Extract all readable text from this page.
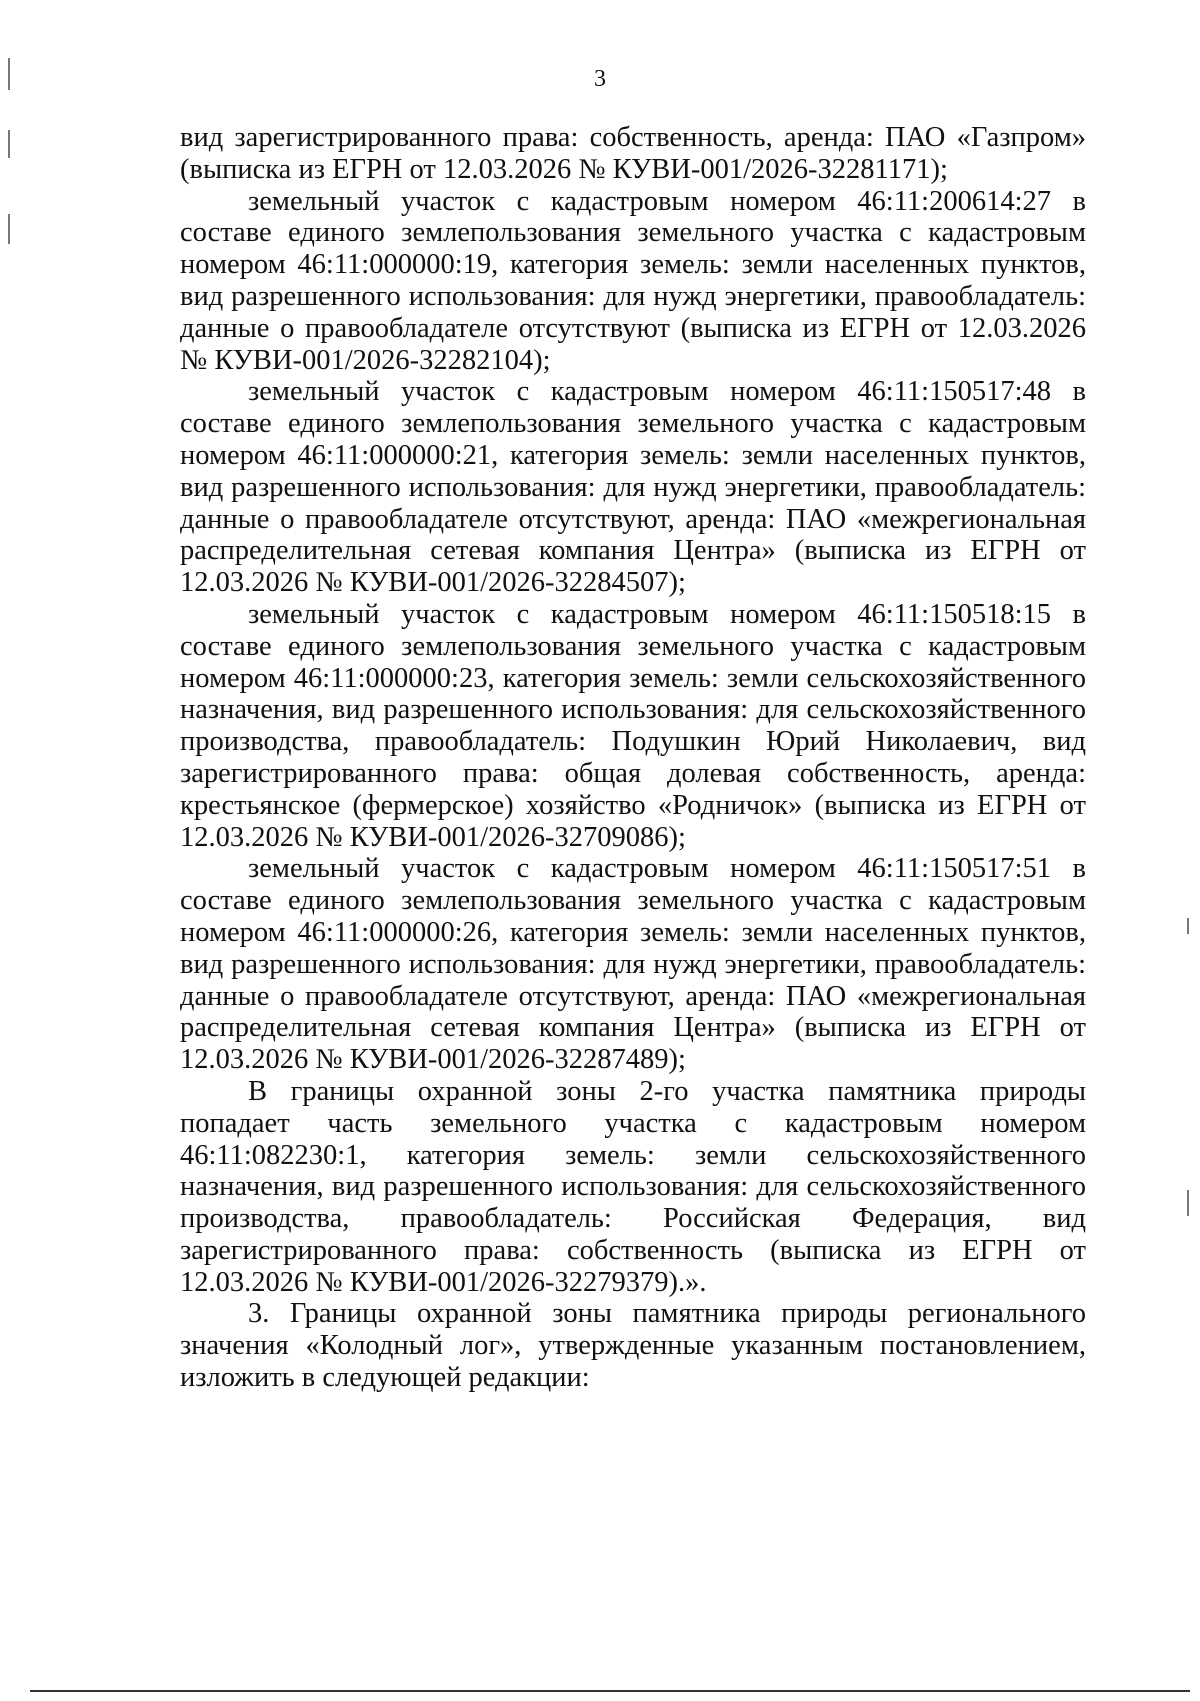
3

вид зарегистрированного права: собственность, аренда: ПАО «Газпром» (выписка из ЕГРН от 12.03.2026 № КУВИ-001/2026-32281171);

земельный участок с кадастровым номером 46:11:200614:27 в составе единого землепользования земельного участка с кадастровым номером 46:11:000000:19, категория земель: земли населенных пунктов, вид разрешенного использования: для нужд энергетики, правообладатель: данные о правообладателе отсутствуют (выписка из ЕГРН от 12.03.2026 № КУВИ-001/2026-32282104);

земельный участок с кадастровым номером 46:11:150517:48 в составе единого землепользования земельного участка с кадастровым номером 46:11:000000:21, категория земель: земли населенных пунктов, вид разрешенного использования: для нужд энергетики, правообладатель: данные о правообладателе отсутствуют, аренда: ПАО «межрегиональная распределительная сетевая компания Центра» (выписка из ЕГРН от 12.03.2026 № КУВИ-001/2026-32284507);

земельный участок с кадастровым номером 46:11:150518:15 в составе единого землепользования земельного участка с кадастровым номером 46:11:000000:23, категория земель: земли сельскохозяйственного назначения, вид разрешенного использования: для сельскохозяйственного производства, правообладатель: Подушкин Юрий Николаевич, вид зарегистрированного права: общая долевая собственность, аренда: крестьянское (фермерское) хозяйство «Родничок» (выписка из ЕГРН от 12.03.2026 № КУВИ-001/2026-32709086);

земельный участок с кадастровым номером 46:11:150517:51 в составе единого землепользования земельного участка с кадастровым номером 46:11:000000:26, категория земель: земли населенных пунктов, вид разрешенного использования: для нужд энергетики, правообладатель: данные о правообладателе отсутствуют, аренда: ПАО «межрегиональная распределительная сетевая компания Центра» (выписка из ЕГРН от 12.03.2026 № КУВИ-001/2026-32287489);

В границы охранной зоны 2-го участка памятника природы попадает часть земельного участка с кадастровым номером 46:11:082230:1, категория земель: земли сельскохозяйственного назначения, вид разрешенного использования: для сельскохозяйственного производства, правообладатель: Российская Федерация, вид зарегистрированного права: собственность (выписка из ЕГРН от 12.03.2026 № КУВИ-001/2026-32279379).».

3. Границы охранной зоны памятника природы регионального значения «Колодный лог», утвержденные указанным постановлением, изложить в следующей редакции:
